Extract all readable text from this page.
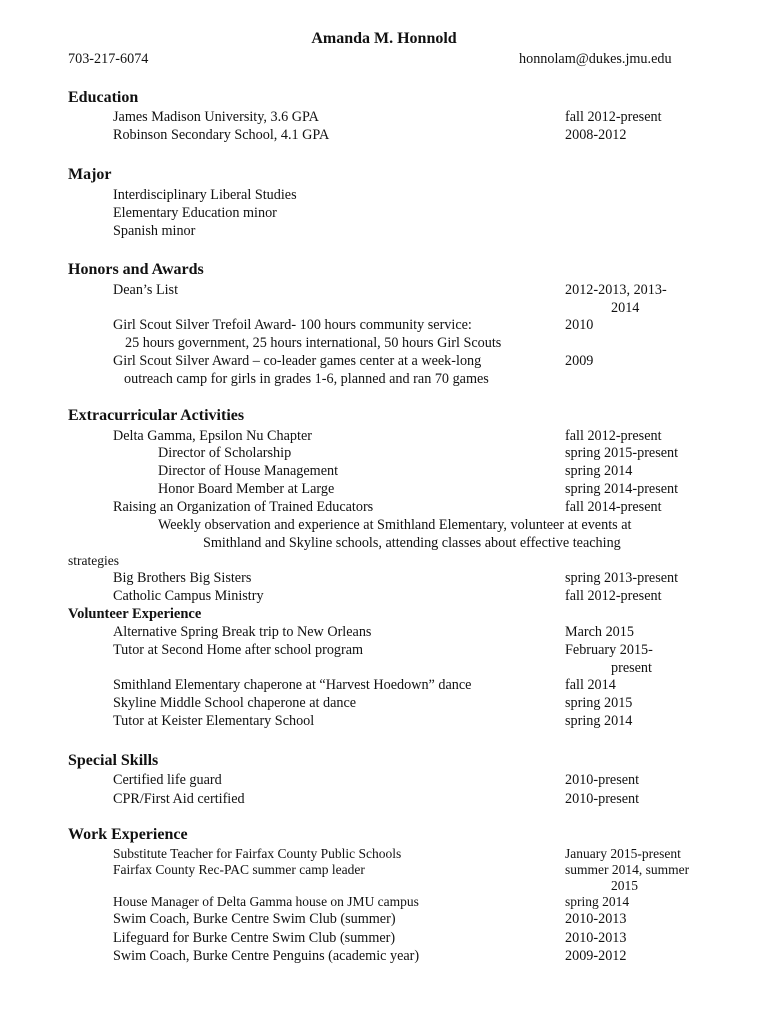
Amanda M. Honnold
703-217-6074	honnolam@dukes.jmu.edu
Education
James Madison University, 3.6 GPA	fall 2012-present
Robinson Secondary School, 4.1 GPA	2008-2012
Major
Interdisciplinary Liberal Studies
Elementary Education minor
Spanish minor
Honors and Awards
Dean’s List	2012-2013, 2013-
2014
Girl Scout Silver Trefoil Award- 100 hours community service:	2010
25 hours government, 25 hours international, 50 hours Girl Scouts
Girl Scout Silver Award – co-leader games center at a week-long	2009
outreach camp for girls in grades 1-6, planned and ran 70 games
Extracurricular Activities
Delta Gamma, Epsilon Nu Chapter	fall 2012-present
Director of Scholarship	spring 2015-present
Director of House Management	spring 2014
Honor Board Member at Large	spring 2014-present
Raising an Organization of Trained Educators	fall 2014-present
Weekly observation and experience at Smithland Elementary, volunteer at events at
Smithland and Skyline schools, attending classes about effective teaching
strategies
Big Brothers Big Sisters	spring 2013-present
Catholic Campus Ministry	fall 2012-present
Volunteer Experience
Alternative Spring Break trip to New Orleans	March 2015
Tutor at Second Home after school program	February 2015-
present
Smithland Elementary chaperone at “Harvest Hoedown” dance	fall 2014
Skyline Middle School chaperone at dance	spring 2015
Tutor at Keister Elementary School	spring 2014
Special Skills
Certified life guard	2010-present
CPR/First Aid certified	2010-present
Work Experience
Substitute Teacher for Fairfax County Public Schools	January 2015-present
Fairfax County Rec-PAC summer camp leader	summer 2014, summer
2015
House Manager of Delta Gamma house on JMU campus	spring 2014
Swim Coach, Burke Centre Swim Club (summer)	2010-2013
Lifeguard for Burke Centre Swim Club (summer)	2010-2013
Swim Coach, Burke Centre Penguins (academic year)	2009-2012
